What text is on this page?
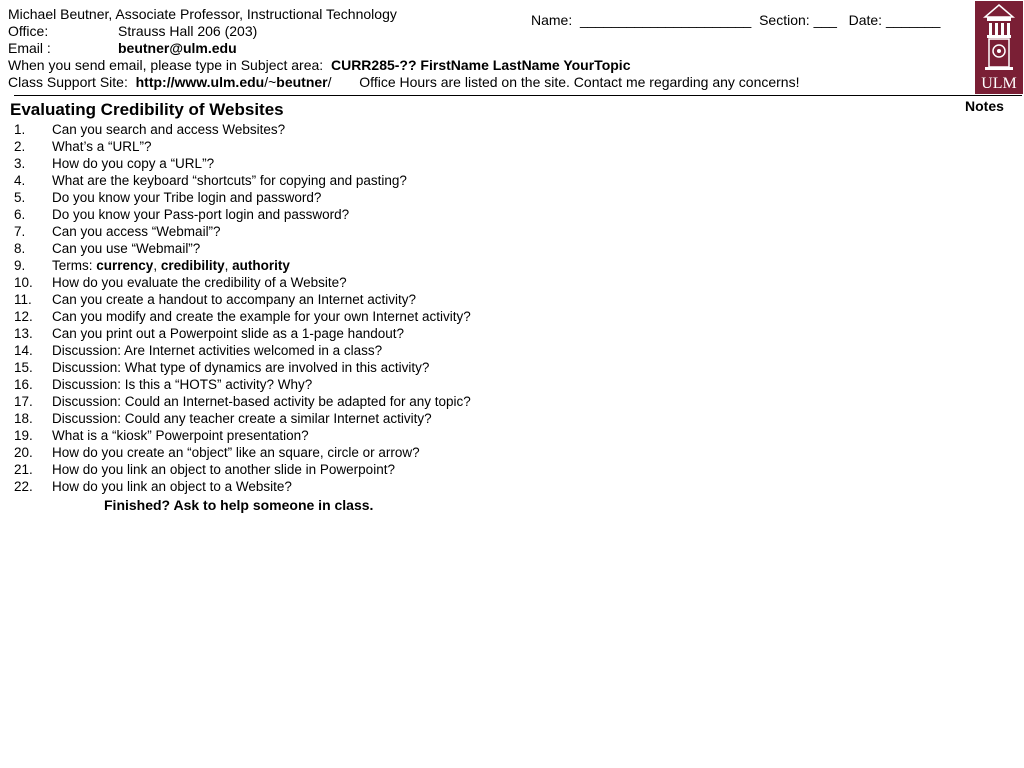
Michael Beutner, Associate Professor, Instructional Technology
Office:	Strauss Hall 206 (203)
Email :	beutner@ulm.edu
When you send email, please type in Subject area: CURR285-?? FirstName LastName YourTopic
Class Support Site: http://www.ulm.edu/~beutner/ Office Hours are listed on the site. Contact me regarding any concerns!
Name:  ______________________  Section: ___   Date: _______
ULM
Notes
Evaluating Credibility of Websites
1. Can you search and access Websites?
2. What’s a “URL”?
3. How do you copy a “URL”?
4. What are the keyboard “shortcuts” for copying and pasting?
5. Do you know your Tribe login and password?
6. Do you know your Pass-port login and password?
7. Can you access “Webmail”?
8. Can you use “Webmail”?
9. Terms: currency, credibility, authority
10. How do you evaluate the credibility of a Website?
11. Can you create a handout to accompany an Internet activity?
12. Can you modify and create the example for your own Internet activity?
13. Can you print out a Powerpoint slide as a 1-page handout?
14. Discussion: Are Internet activities welcomed in a class?
15. Discussion: What type of dynamics are involved in this activity?
16. Discussion: Is this a “HOTS” activity? Why?
17. Discussion: Could an Internet-based activity be adapted for any topic?
18. Discussion: Could any teacher create a similar Internet activity?
19. What is a “kiosk” Powerpoint presentation?
20. How do you create an “object” like an square, circle or arrow?
21. How do you link an object to another slide in Powerpoint?
22. How do you link an object to a Website?
Finished? Ask to help someone in class.
